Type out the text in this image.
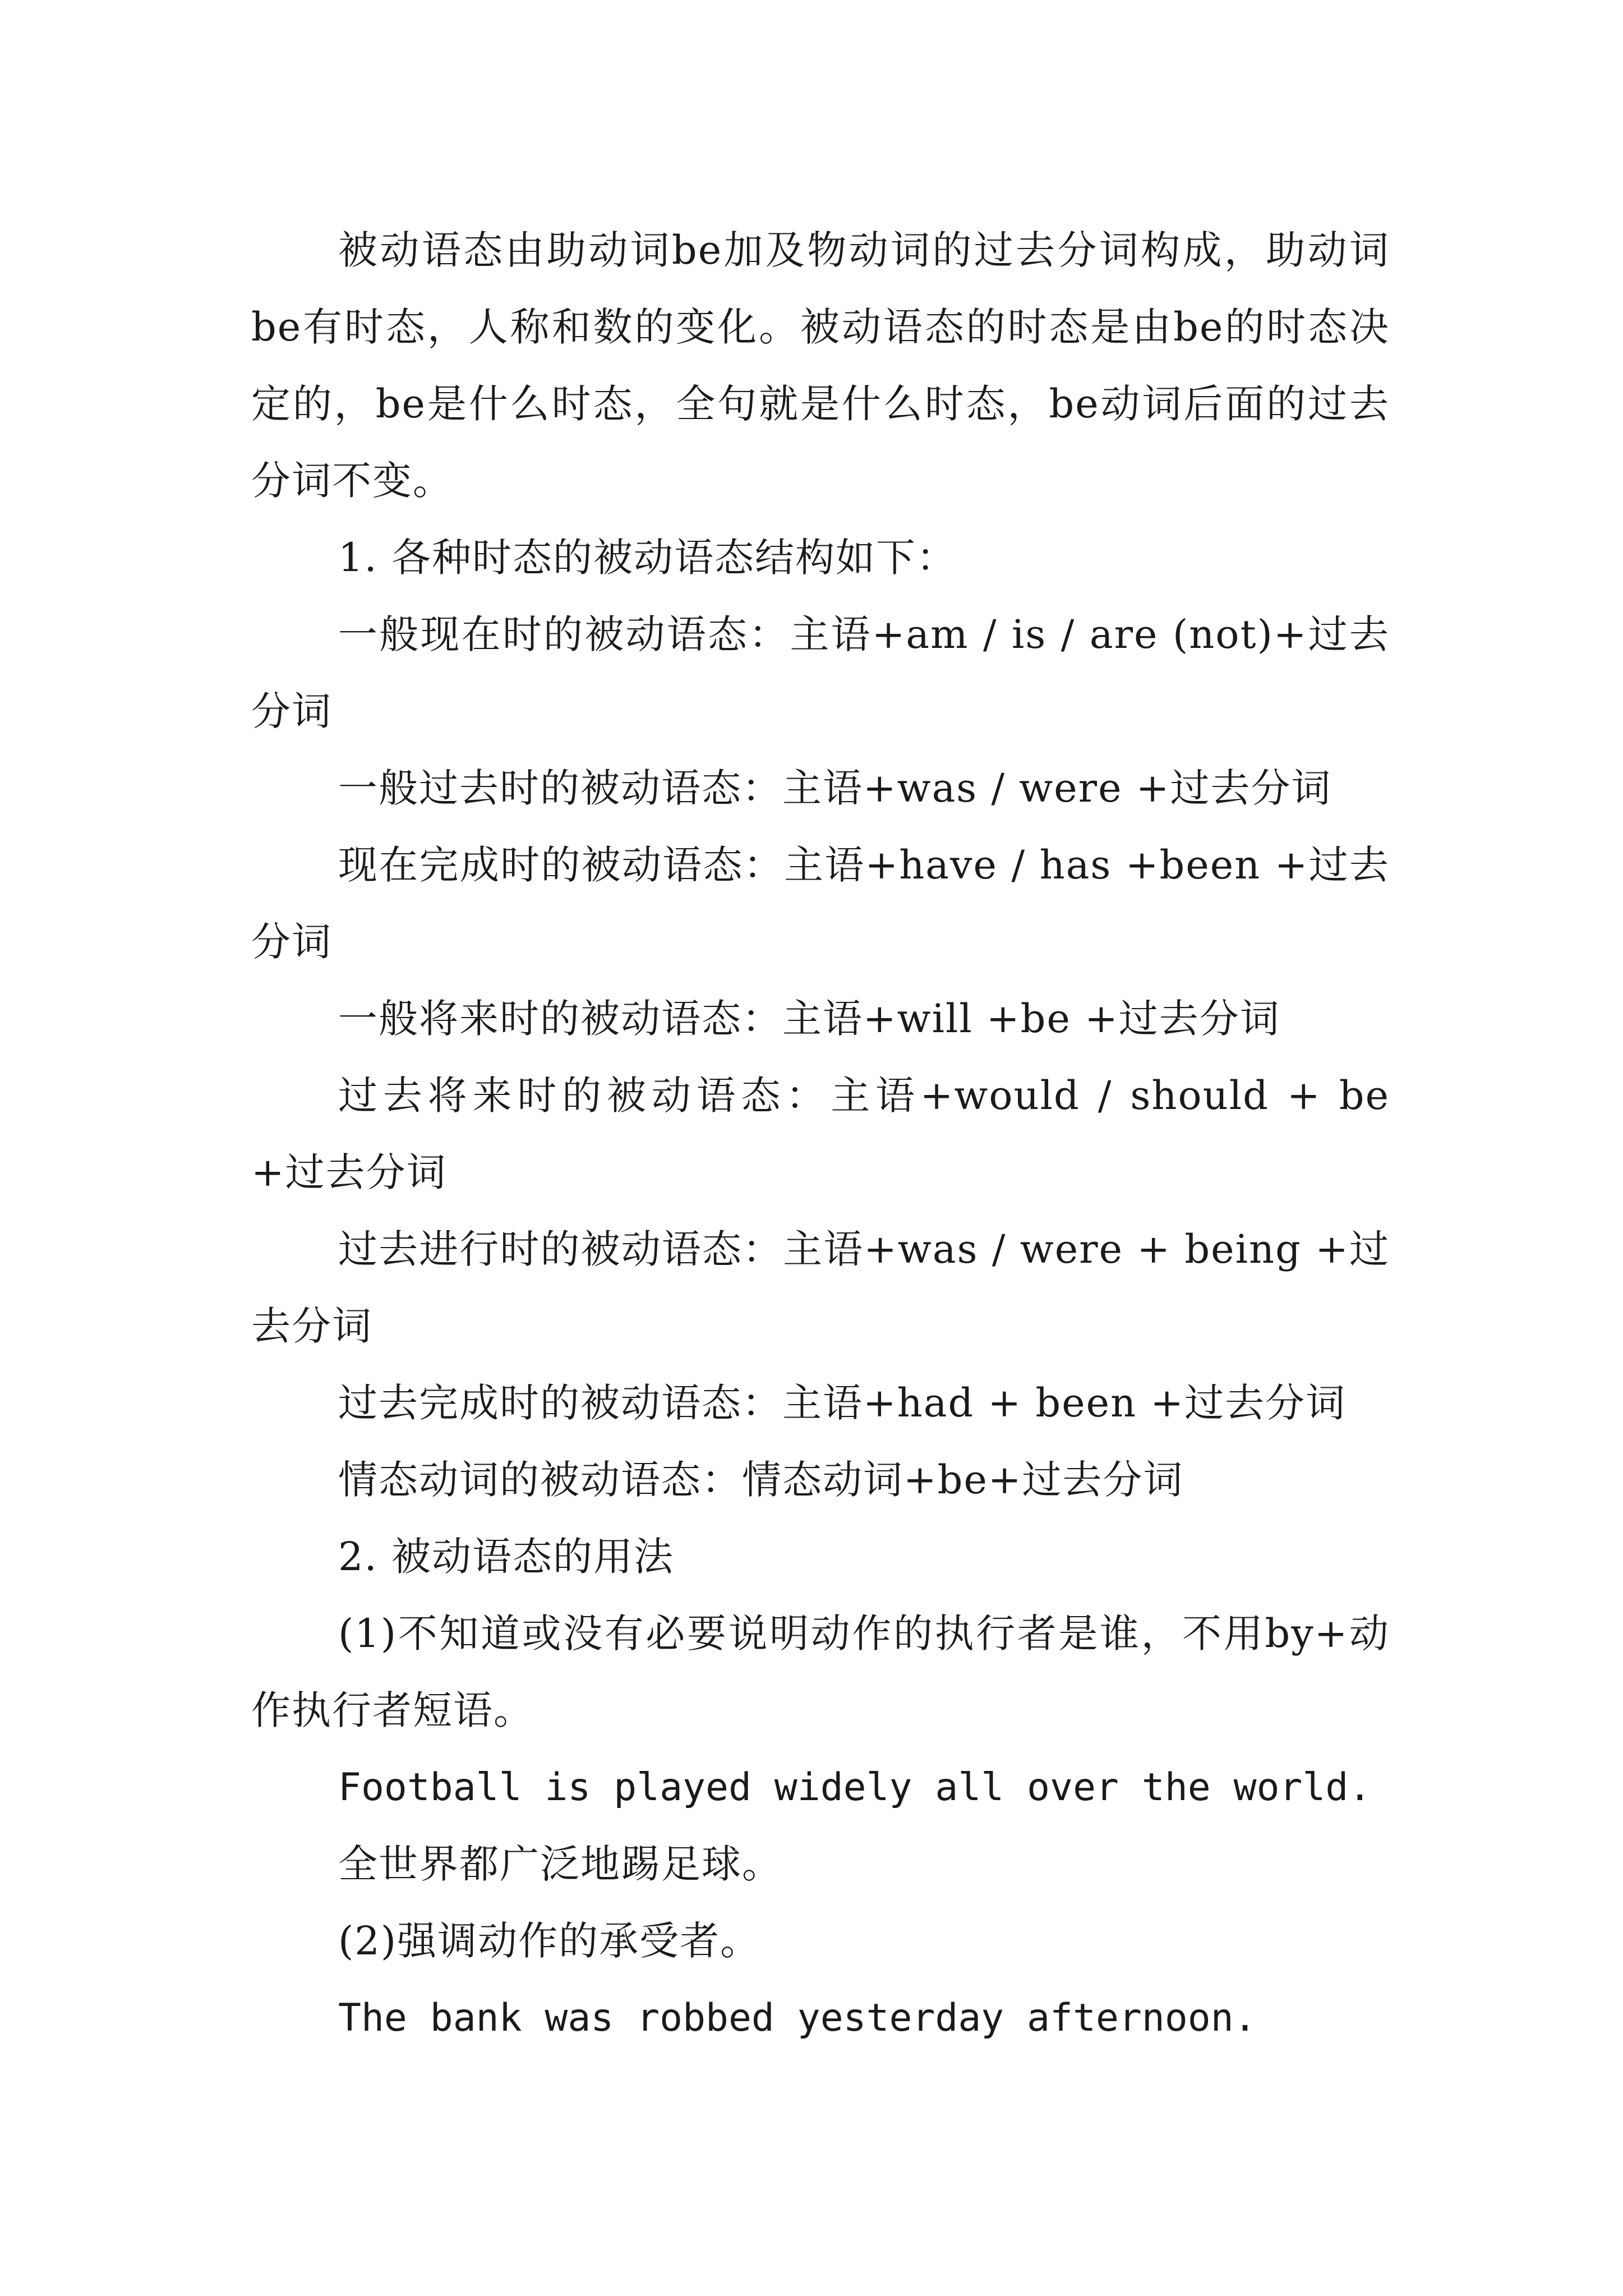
被动语态由助动词be加及物动词的过去分词构成，助动词be有时态，人称和数的变化。被动语态的时态是由be的时态决定的，be是什么时态，全句就是什么时态，be动词后面的过去分词不变。

1. 各种时态的被动语态结构如下：

一般现在时的被动语态：主语+am / is / are (not)+过去分词

一般过去时的被动语态：主语+was / were +过去分词

现在完成时的被动语态：主语+have / has +been +过去分词

一般将来时的被动语态：主语+will +be +过去分词

过去将来时的被动语态：主语+would / should + be +过去分词

过去进行时的被动语态：主语+was / were + being +过去分词

过去完成时的被动语态：主语+had + been +过去分词

情态动词的被动语态：情态动词+be+过去分词

2. 被动语态的用法

(1)不知道或没有必要说明动作的执行者是谁，不用by+动作执行者短语。

Football is played widely all over the world.

全世界都广泛地踢足球。

(2)强调动作的承受者。

The bank was robbed yesterday afternoon.
